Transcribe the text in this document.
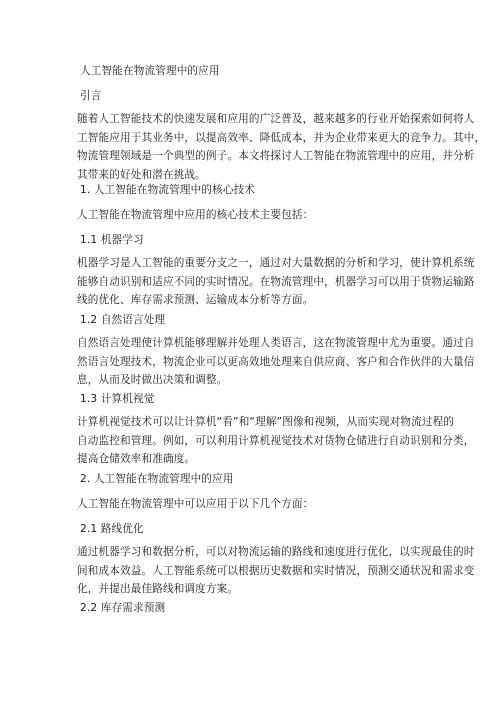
人工智能在物流管理中的应用

引言

随着人工智能技术的快速发展和应用的广泛普及，越来越多的行业开始探索如何将人
工智能应用于其业务中，以提高效率、降低成本，并为企业带来更大的竞争力。其中，
物流管理领域是一个典型的例子。本文将探讨人工智能在物流管理中的应用，并分析
其带来的好处和潜在挑战。

1. 人工智能在物流管理中的核心技术

人工智能在物流管理中应用的核心技术主要包括：

1.1 机器学习

机器学习是人工智能的重要分支之一，通过对大量数据的分析和学习，使计算机系统
能够自动识别和适应不同的实时情况。在物流管理中，机器学习可以用于货物运输路
线的优化、库存需求预测、运输成本分析等方面。

1.2 自然语言处理

自然语言处理使计算机能够理解并处理人类语言，这在物流管理中尤为重要。通过自
然语言处理技术，物流企业可以更高效地处理来自供应商、客户和合作伙伴的大量信
息，从而及时做出决策和调整。

1.3 计算机视觉

计算机视觉技术可以让计算机“看”和“理解”图像和视频，从而实现对物流过程的
自动监控和管理。例如，可以利用计算机视觉技术对货物仓储进行自动识别和分类，
提高仓储效率和准确度。

2. 人工智能在物流管理中的应用

人工智能在物流管理中可以应用于以下几个方面：

2.1 路线优化

通过机器学习和数据分析，可以对物流运输的路线和速度进行优化，以实现最佳的时
间和成本效益。人工智能系统可以根据历史数据和实时情况，预测交通状况和需求变
化，并提出最佳路线和调度方案。

2.2 库存需求预测
